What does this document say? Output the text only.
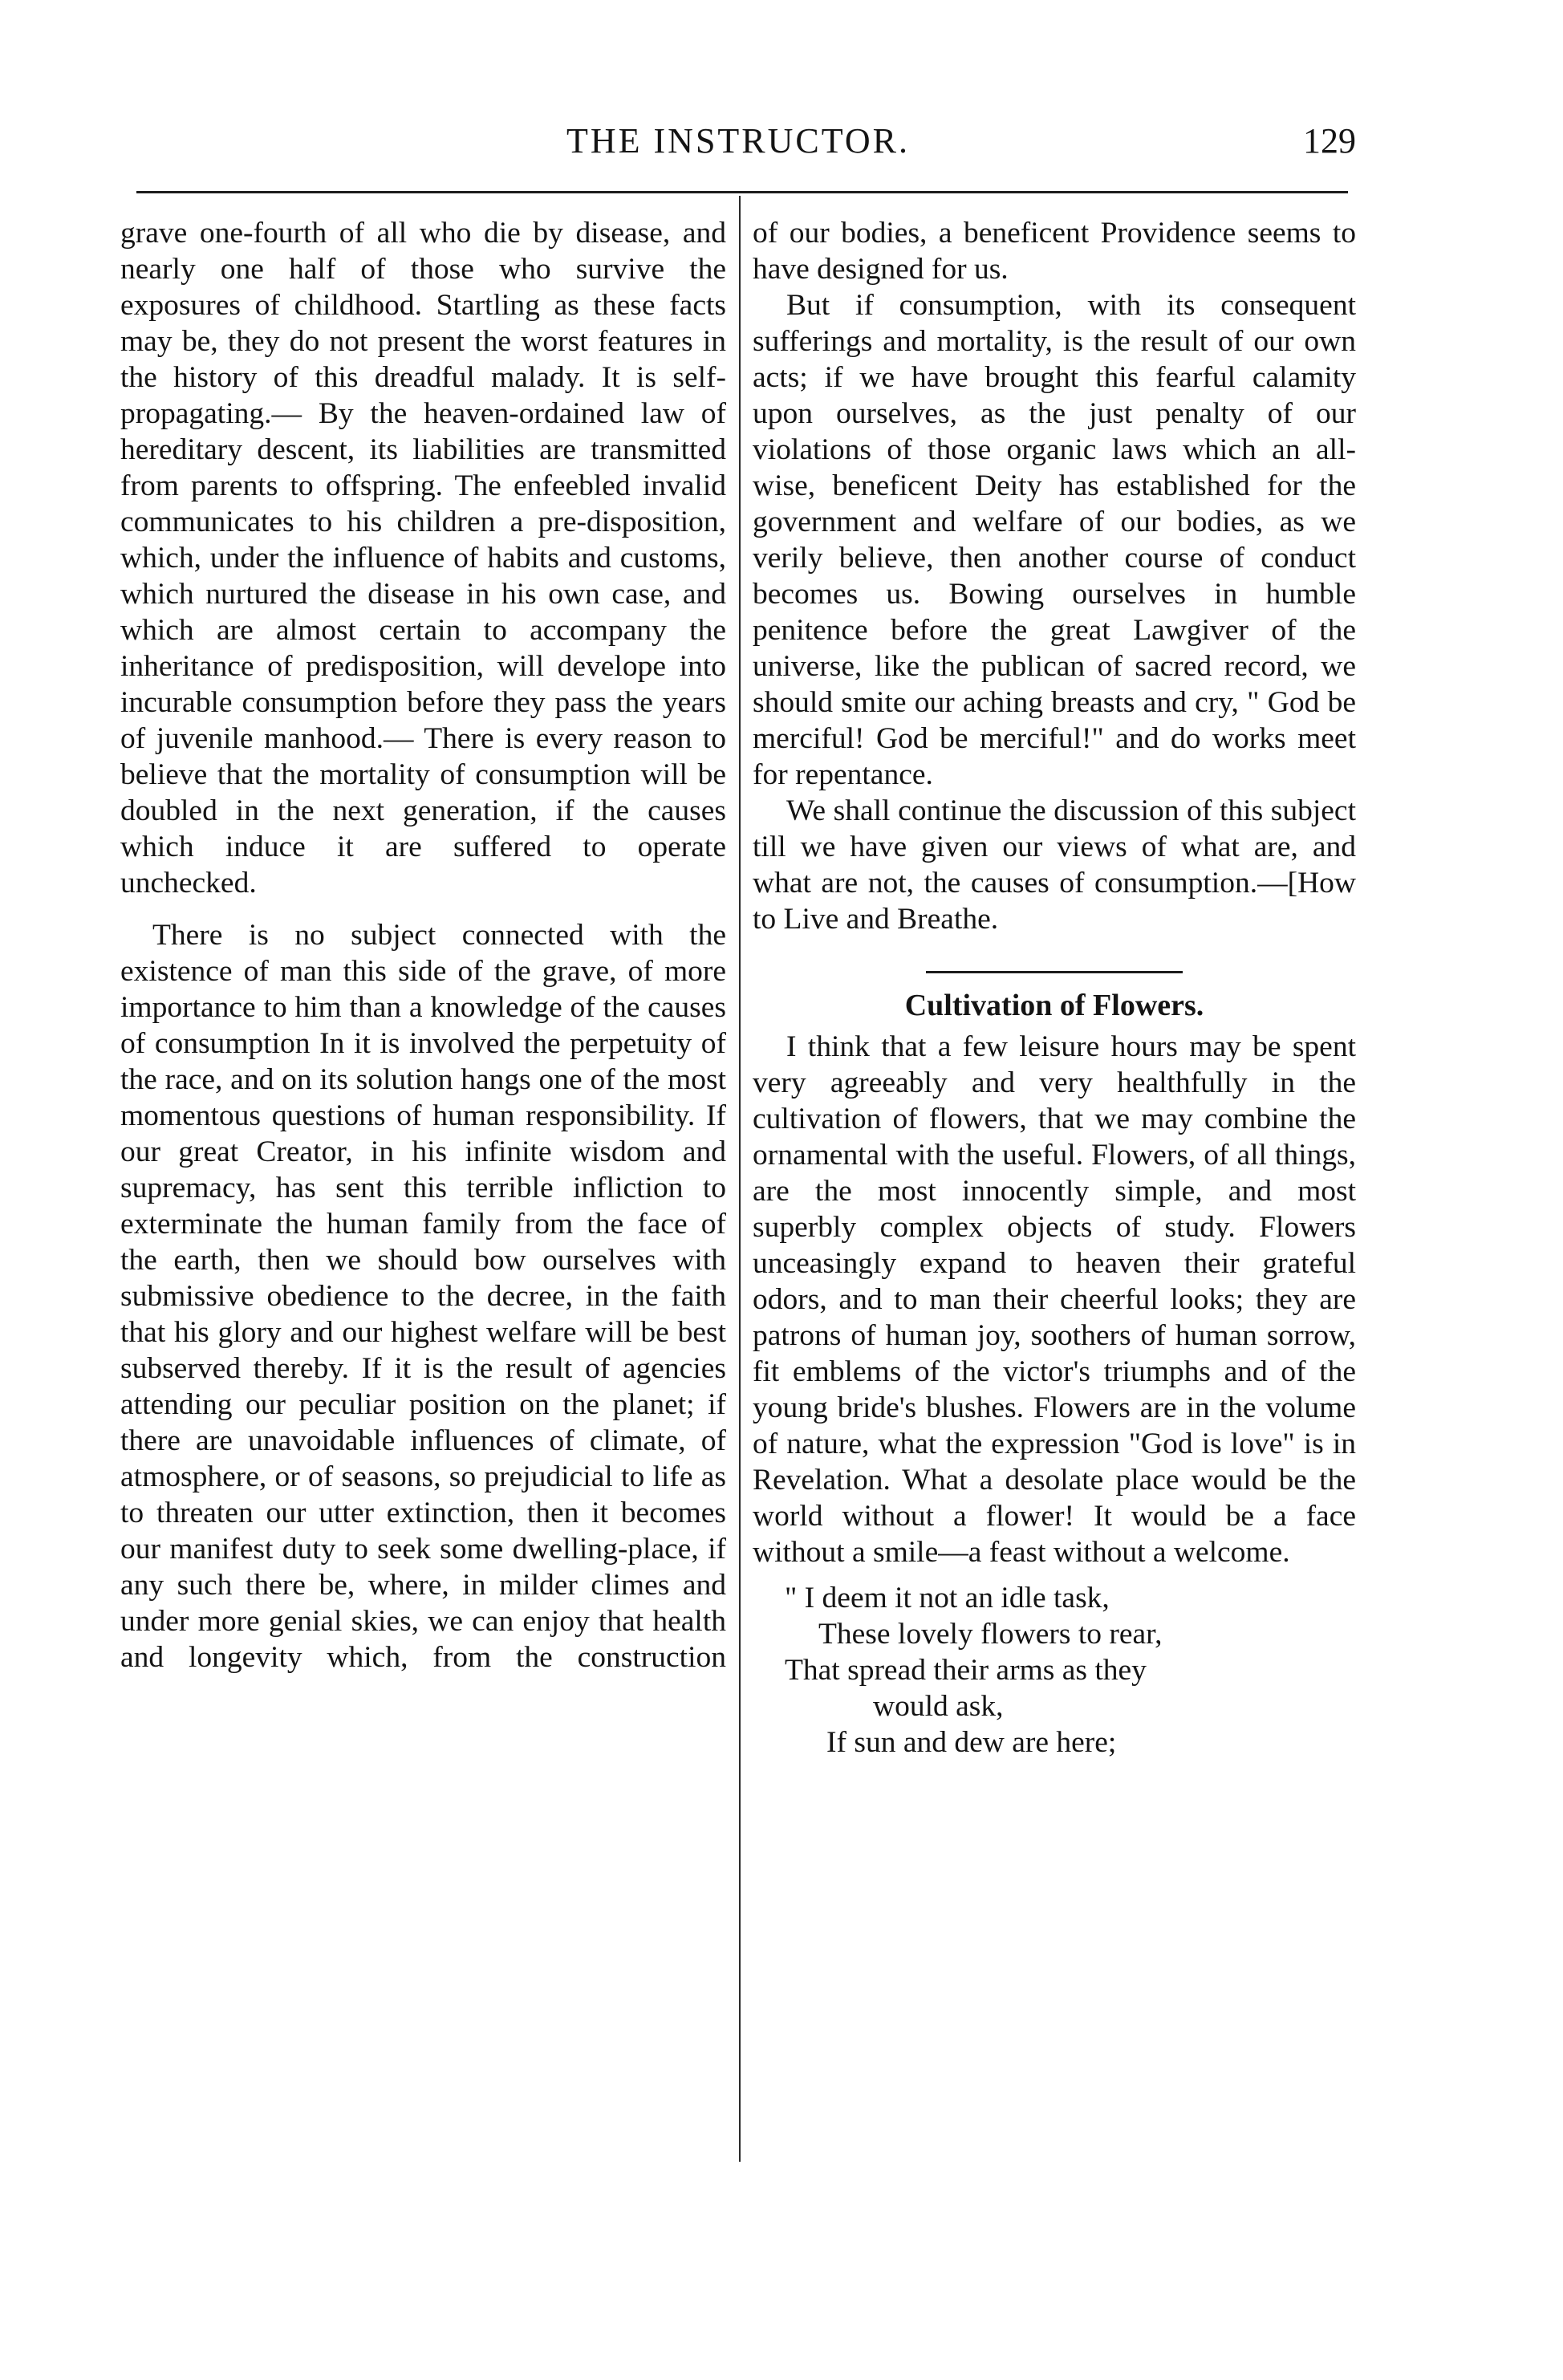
THE INSTRUCTOR.	129

grave one-fourth of all who die by disease, and nearly one half of those who survive the exposures of childhood. Startling as these facts may be, they do not present the worst features in the history of this dreadful malady. It is self-propagating.— By the heaven-ordained law of hereditary descent, its liabilities are transmitted from parents to offspring. The enfeebled invalid communicates to his children a pre-disposition, which, under the influence of habits and customs, which nurtured the disease in his own case, and which are almost certain to accompany the inheritance of predisposition, will develope into incurable consumption before they pass the years of juvenile manhood.— There is every reason to believe that the mortality of consumption will be doubled in the next generation, if the causes which induce it are suffered to operate unchecked.

There is no subject connected with the existence of man this side of the grave, of more importance to him than a knowledge of the causes of consumption In it is involved the perpetuity of the race, and on its solution hangs one of the most momentous questions of human responsibility. If our great Creator, in his infinite wisdom and supremacy, has sent this terrible infliction to exterminate the human family from the face of the earth, then we should bow ourselves with submissive obedience to the decree, in the faith that his glory and our highest welfare will be best subserved thereby. If it is the result of agencies attending our peculiar position on the planet; if there are unavoidable influences of climate, of atmosphere, or of seasons, so prejudicial to life as to threaten our utter extinction, then it becomes our manifest duty to seek some dwelling-place, if any such there be, where, in milder climes and under more genial skies, we can enjoy that health and longevity which, from the construction

of our bodies, a beneficent Providence seems to have designed for us.

But if consumption, with its consequent sufferings and mortality, is the result of our own acts; if we have brought this fearful calamity upon ourselves, as the just penalty of our violations of those organic laws which an all-wise, beneficent Deity has established for the government and welfare of our bodies, as we verily believe, then another course of conduct becomes us. Bowing ourselves in humble penitence before the great Lawgiver of the universe, like the publican of sacred record, we should smite our aching breasts and cry, " God be merciful! God be merciful!" and do works meet for repentance.

We shall continue the discussion of this subject till we have given our views of what are, and what are not, the causes of consumption.—[How to Live and Breathe.

Cultivation of Flowers.

I think that a few leisure hours may be spent very agreeably and very healthfully in the cultivation of flowers, that we may combine the ornamental with the useful. Flowers, of all things, are the most innocently simple, and most superbly complex objects of study. Flowers unceasingly expand to heaven their grateful odors, and to man their cheerful looks; they are patrons of human joy, soothers of human sorrow, fit emblems of the victor's triumphs and of the young bride's blushes. Flowers are in the volume of nature, what the expression "God is love" is in Revelation. What a desolate place would be the world without a flower! It would be a face without a smile—a feast without a welcome.

" I deem it not an idle task,
These lovely flowers to rear,
That spread their arms as they
would ask,
If sun and dew are here;
